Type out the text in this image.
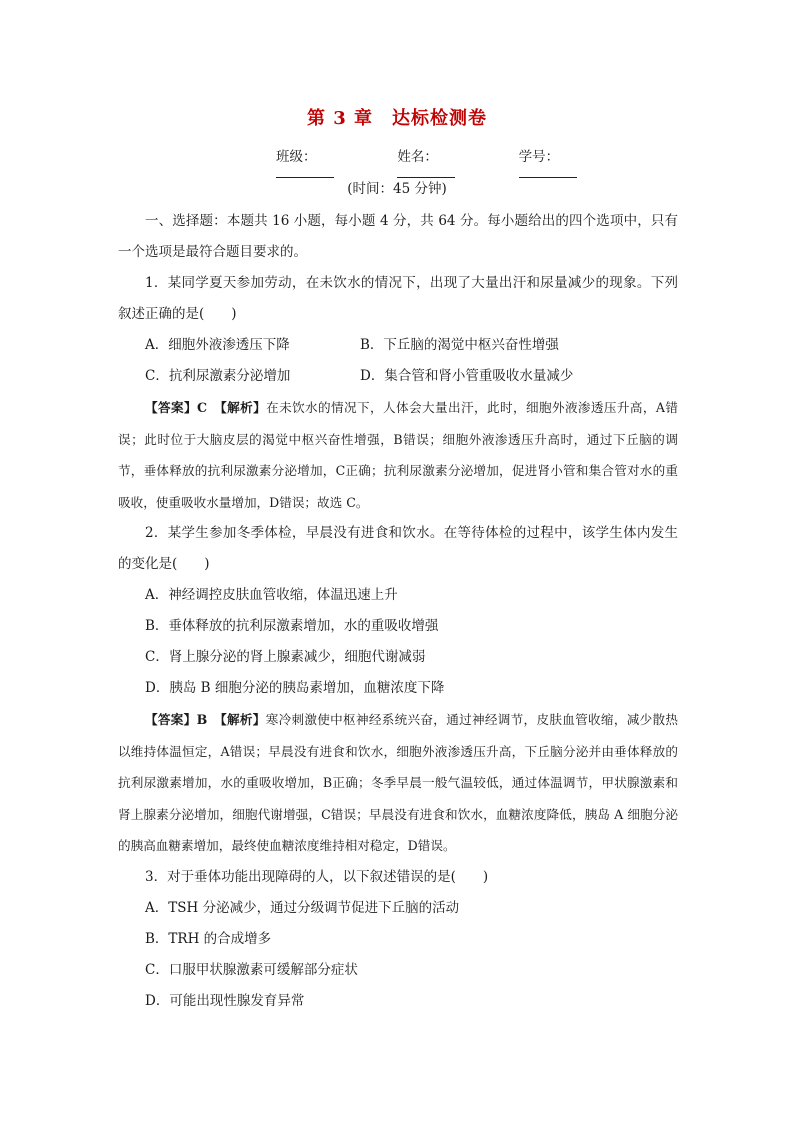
第 3 章　达标检测卷
班级：	姓名：	学号：
(时间：45 分钟)

一、选择题：本题共 16 小题，每小题 4 分，共 64 分。每小题给出的四个选项中，只有一个选项是最符合题目要求的。

1．某同学夏天参加劳动，在未饮水的情况下，出现了大量出汗和尿量减少的现象。下列叙述正确的是(　　)

A．细胞外液渗透压下降	B．下丘脑的渴觉中枢兴奋性增强
C．抗利尿激素分泌增加	D．集合管和肾小管重吸收水量减少

【答案】C　【解析】在未饮水的情况下，人体会大量出汗，此时，细胞外液渗透压升高，A错误；此时位于大脑皮层的渴觉中枢兴奋性增强，B错误；细胞外液渗透压升高时，通过下丘脑的调节，垂体释放的抗利尿激素分泌增加，C正确；抗利尿激素分泌增加，促进肾小管和集合管对水的重吸收，使重吸收水量增加，D错误；故选 C。

2．某学生参加冬季体检，早晨没有进食和饮水。在等待体检的过程中，该学生体内发生的变化是(　　)

A．神经调控皮肤血管收缩，体温迅速上升

B．垂体释放的抗利尿激素增加，水的重吸收增强

C．肾上腺分泌的肾上腺素减少，细胞代谢减弱

D．胰岛 B 细胞分泌的胰岛素增加，血糖浓度下降

【答案】B　【解析】寒冷刺激使中枢神经系统兴奋，通过神经调节，皮肤血管收缩，减少散热以维持体温恒定，A错误；早晨没有进食和饮水，细胞外液渗透压升高，下丘脑分泌并由垂体释放的抗利尿激素增加，水的重吸收增加，B正确；冬季早晨一般气温较低，通过体温调节，甲状腺激素和肾上腺素分泌增加，细胞代谢增强，C错误；早晨没有进食和饮水，血糖浓度降低，胰岛 A 细胞分泌的胰高血糖素增加，最终使血糖浓度维持相对稳定，D错误。

3．对于垂体功能出现障碍的人，以下叙述错误的是(　　)

A．TSH 分泌减少，通过分级调节促进下丘脑的活动

B．TRH 的合成增多

C．口服甲状腺激素可缓解部分症状

D．可能出现性腺发育异常
